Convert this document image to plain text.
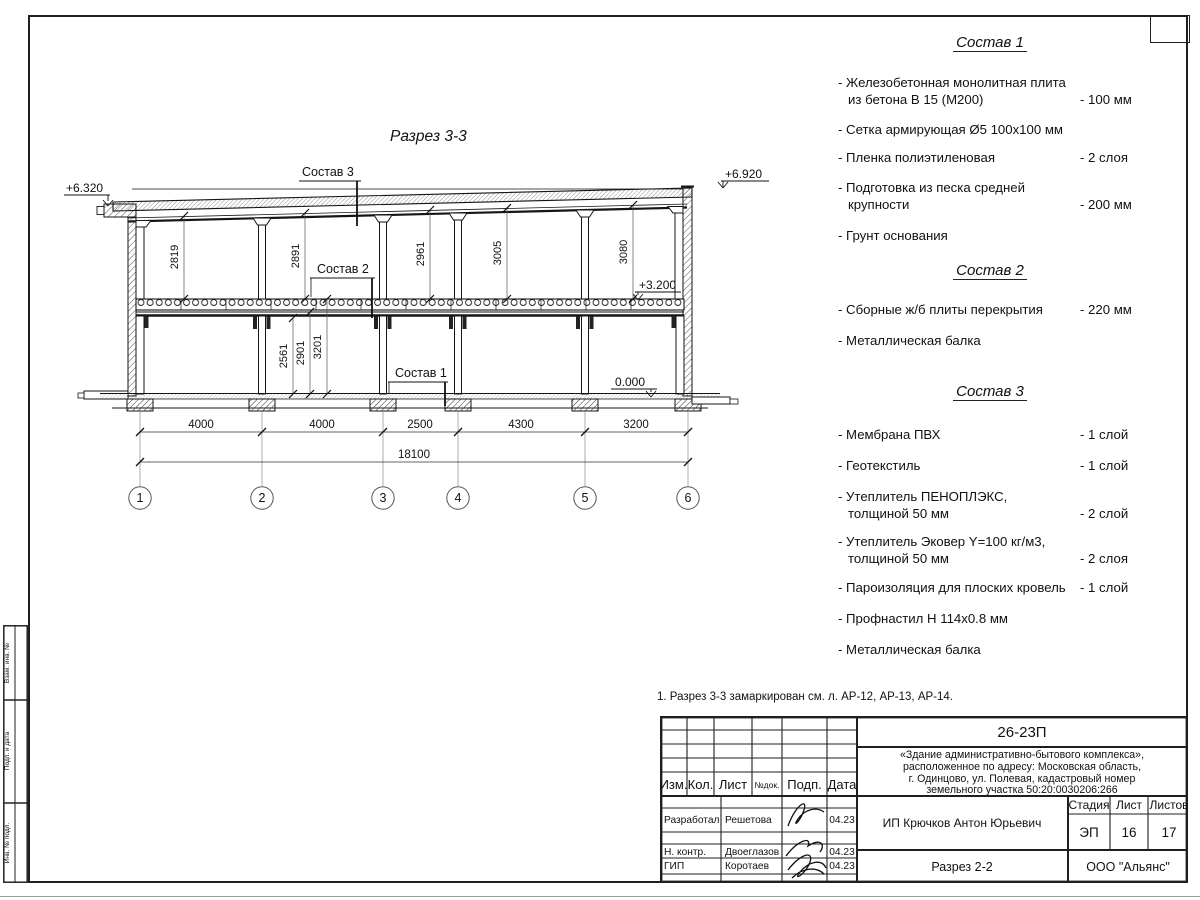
2819	2891	2961	3005	3080
2561 2901 3201
4000	4000	2500	4300	3200
18100
1	2	3	4	5	6
+6.320
+6.920
+3.200
0.000
Состав 3
Состав 2
Состав 1
Разрез 3-3
Состав 1
- Железобетонная монолитная плита
из бетона В 15 (М200)	- 100 мм
- Сетка армирующая Ø5 100x100 мм
- Пленка полиэтиленовая	- 2 слоя
- Подготовка из песка средней
крупности	- 200 мм
- Грунт основания
Состав 2
- Сборные ж/б плиты перекрытия	- 220 мм
- Металлическая балка
Состав 3
- Мембрана ПВХ	- 1 слой
- Геотекстиль	- 1 слой
- Утеплитель ПЕНОПЛЭКС,
толщиной 50 мм	- 2 слой
- Утеплитель Эковер Y=100 кг/м3,
толщиной 50 мм	- 2 слоя
- Пароизоляция для плоских кровель - 1 слой
- Профнастил Н 114x0.8 мм
- Металлическая балка
1. Разрез 3-3 замаркирован см. л. АР-12, АР-13, АР-14.
Взам. инв. №
Подп. и дата
Инв. № подл.
26-23П
«Здание административно-бытового комплекса»,
расположенное по адресу: Московская область,
г. Одинцово, ул. Полевая, кадастровый номер
земельного участка 50:20:0030206:266
Изм. Кол. Лист №док. Подп. Дата
Разработал Решетова	04.23
Н. контр. Двоеглазов	04.23
ГИП	Коротаев	04.23
ИП Крючков Антон Юрьевич
Стадия Лист Листов
ЭП 16 17
Разрез 2-2	ООО "Альянс"
